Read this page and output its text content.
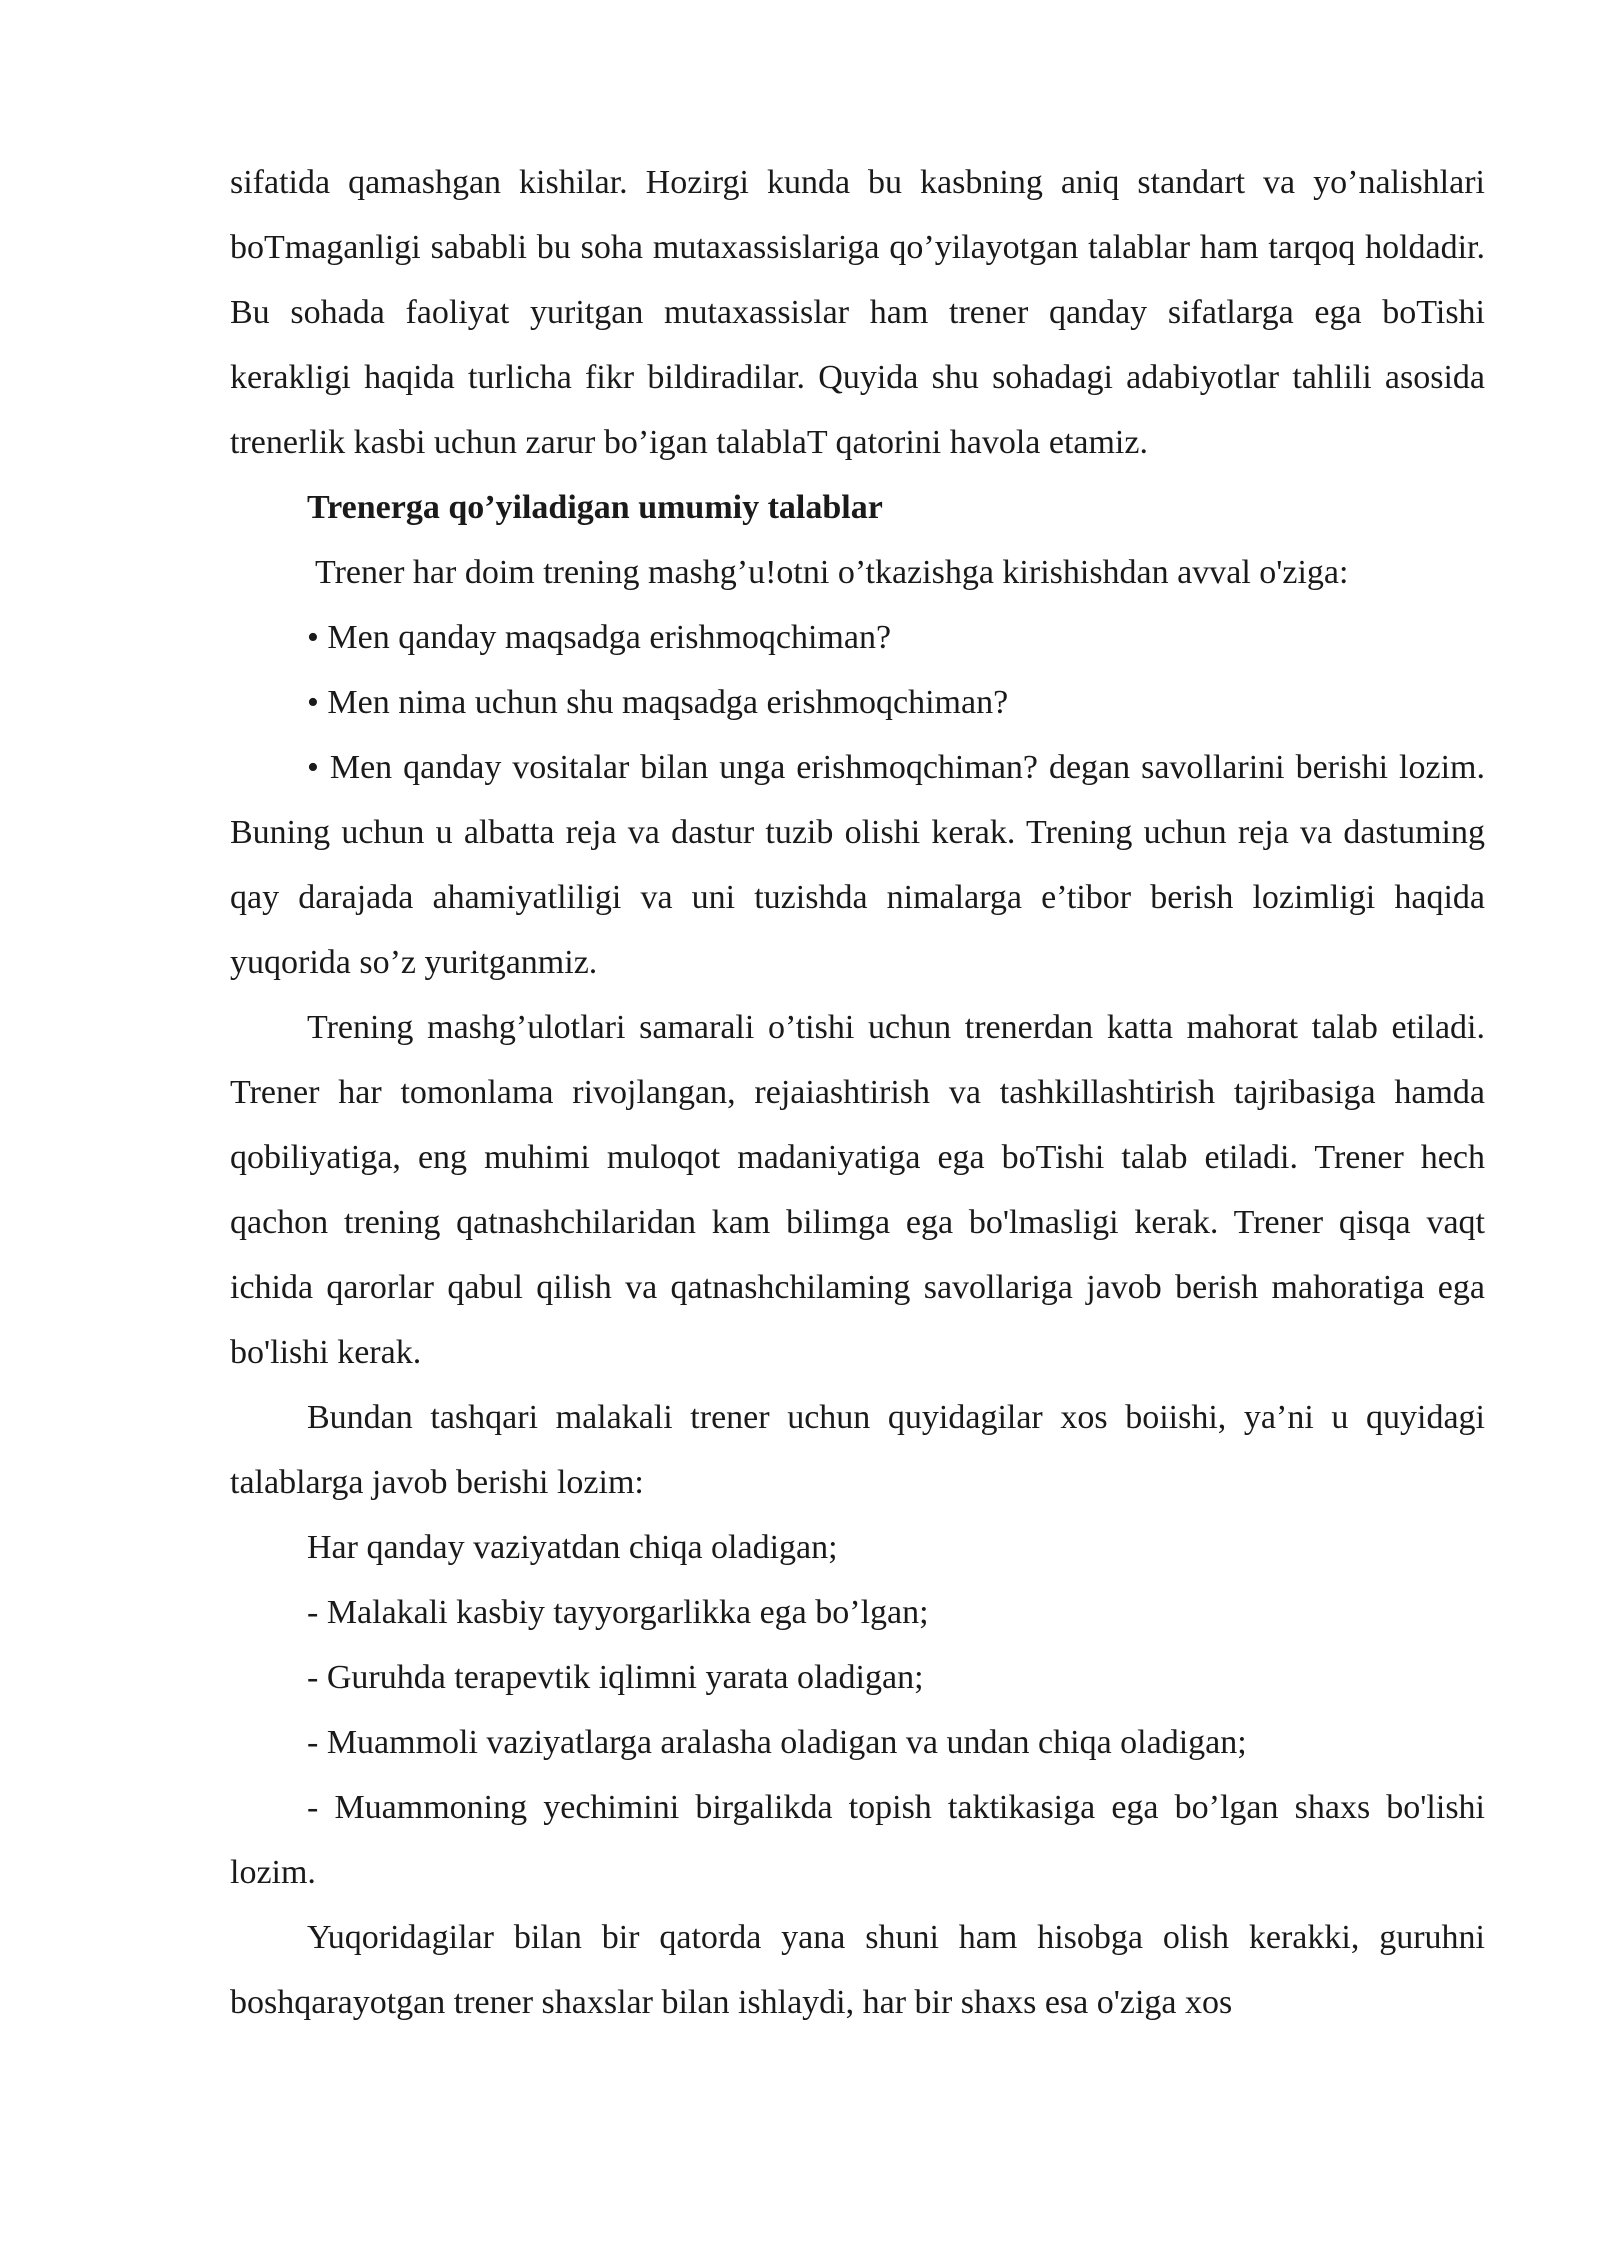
sifatida qamashgan kishilar. Hozirgi kunda bu kasbning aniq standart va yo’nalishlari boTmaganligi sababli bu soha mutaxassislariga qo’yilayotgan talablar ham tarqoq holdadir. Bu sohada faoliyat yuritgan mutaxassislar ham trener qanday sifatlarga ega boTishi kerakligi haqida turlicha fikr bildiradilar. Quyida shu sohadagi adabiyotlar tahlili asosida trenerlik kasbi uchun zarur bo’igan talablaT qatorini havola etamiz.

Trenerga qo’yiladigan umumiy talablar

Trener har doim trening mashg’u!otni o’tkazishga kirishishdan avval o'ziga:

• Men qanday maqsadga erishmoqchiman?

• Men nima uchun shu maqsadga erishmoqchiman?

• Men qanday vositalar bilan unga erishmoqchiman? degan savollarini berishi lozim. Buning uchun u albatta reja va dastur tuzib olishi kerak. Trening uchun reja va dastuming qay darajada ahamiyatliligi va uni tuzishda nimalarga e’tibor berish lozimligi haqida yuqorida so’z yuritganmiz.

Trening mashg’ulotlari samarali o’tishi uchun trenerdan katta mahorat talab etiladi. Trener har tomonlama rivojlangan, rejaiashtirish va tashkillashtirish tajribasiga hamda qobiliyatiga, eng muhimi muloqot madaniyatiga ega boTishi talab etiladi. Trener hech qachon trening qatnashchilaridan kam bilimga ega bo'lmasligi kerak. Trener qisqa vaqt ichida qarorlar qabul qilish va qatnashchilaming savollariga javob berish mahoratiga ega bo'lishi kerak.

Bundan tashqari malakali trener uchun quyidagilar xos boiishi, ya’ni u quyidagi talablarga javob berishi lozim:

Har qanday vaziyatdan chiqa oladigan;

- Malakali kasbiy tayyorgarlikka ega bo’lgan;

- Guruhda terapevtik iqlimni yarata oladigan;

- Muammoli vaziyatlarga aralasha oladigan va undan chiqa oladigan;

- Muammoning yechimini birgalikda topish taktikasiga ega bo’lgan shaxs bo'lishi lozim.

Yuqoridagilar bilan bir qatorda yana shuni ham hisobga olish kerakki, guruhni boshqarayotgan trener shaxslar bilan ishlaydi, har bir shaxs esa o'ziga xos
